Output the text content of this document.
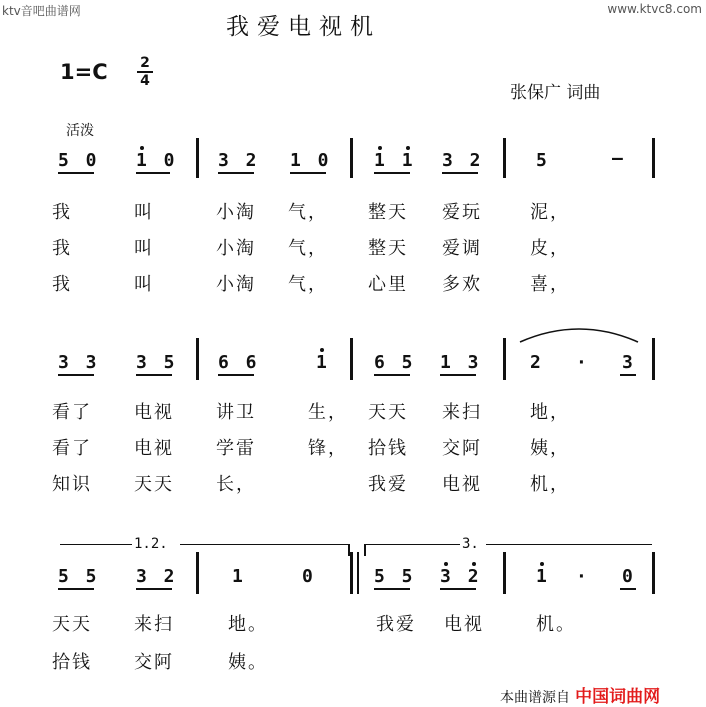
ktv音吧曲谱网	www.ktvc8.com
我爱电视机
1=C 2
4
张保广 词曲
活泼
5 0 1 0 3 2 1 0 1 1 3 2	5	—
我	叫	小淘 气， 整天 爱玩	泥，
我	叫	小淘 气， 整天 爱调	皮，
我	叫	小淘 气， 心里 多欢	喜，
3 3 3 5 6 6	1 6 5 1 3	2 · 3
看了 电视 讲卫	生， 天天 来扫	地，
看了 电视 学雷	锋， 拾钱 交阿	姨，
知识 天天 长，	我爱 电视	机，
1.2.	3.
5 5 3 2	1	0	5 5 3 2	1 · 0
天天 来扫	地。	我爱 电视	机。
拾钱 交阿	姨。
本曲谱源自 中国词曲网
